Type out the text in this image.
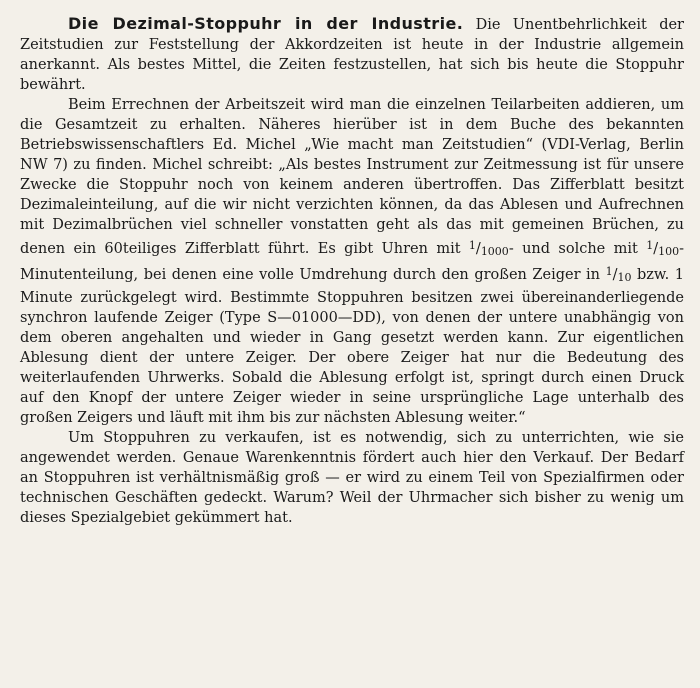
Die Dezimal-Stoppuhr in der Industrie. Die Unentbehrlichkeit der Zeitstudien zur Feststellung der Akkordzeiten ist heute in der Industrie allgemein anerkannt. Als bestes Mittel, die Zeiten festzustellen, hat sich bis heute die Stoppuhr bewährt.

Beim Errechnen der Arbeitszeit wird man die einzelnen Teilarbeiten addieren, um die Gesamtzeit zu erhalten. Näheres hierüber ist in dem Buche des bekannten Betriebswissenschaftlers Ed. Michel „Wie macht man Zeitstudien“ (VDI-Verlag, Berlin NW 7) zu finden. Michel schreibt: „Als bestes Instrument zur Zeitmessung ist für unsere Zwecke die Stoppuhr noch von keinem anderen übertroffen. Das Zifferblatt besitzt Dezimaleinteilung, auf die wir nicht verzichten können, da das Ablesen und Aufrechnen mit Dezimalbrüchen viel schneller vonstatten geht als das mit gemeinen Brüchen, zu denen ein 60teiliges Zifferblatt führt. Es gibt Uhren mit $^1/_{1000}-$ und solche mit $^1/_{100}$-Minutenteilung, bei denen eine volle Umdrehung durch den großen Zeiger in $^1/_{10}$ bzw. 1 Minute zurückgelegt wird. Bestimmte Stoppuhren besitzen zwei übereinanderliegende synchron laufende Zeiger (Type S—01000—DD), von denen der untere unabhängig von dem oberen angehalten und wieder in Gang gesetzt werden kann. Zur eigentlichen Ablesung dient der untere Zeiger. Der obere Zeiger hat nur die Bedeutung des weiterlaufenden Uhrwerks. Sobald die Ablesung erfolgt ist, springt durch einen Druck auf den Knopf der untere Zeiger wieder in seine ursprüngliche Lage unterhalb des großen Zeigers und läuft mit ihm bis zur nächsten Ablesung weiter.“

Um Stoppuhren zu verkaufen, ist es notwendig, sich zu unterrichten, wie sie angewendet werden. Genaue Warenkenntnis fördert auch hier den Verkauf. Der Bedarf an Stoppuhren ist verhältnismäßig groß — er wird zu einem Teil von Spezialfirmen oder technischen Geschäften gedeckt. Warum? Weil der Uhrmacher sich bisher zu wenig um dieses Spezialgebiet gekümmert hat.
